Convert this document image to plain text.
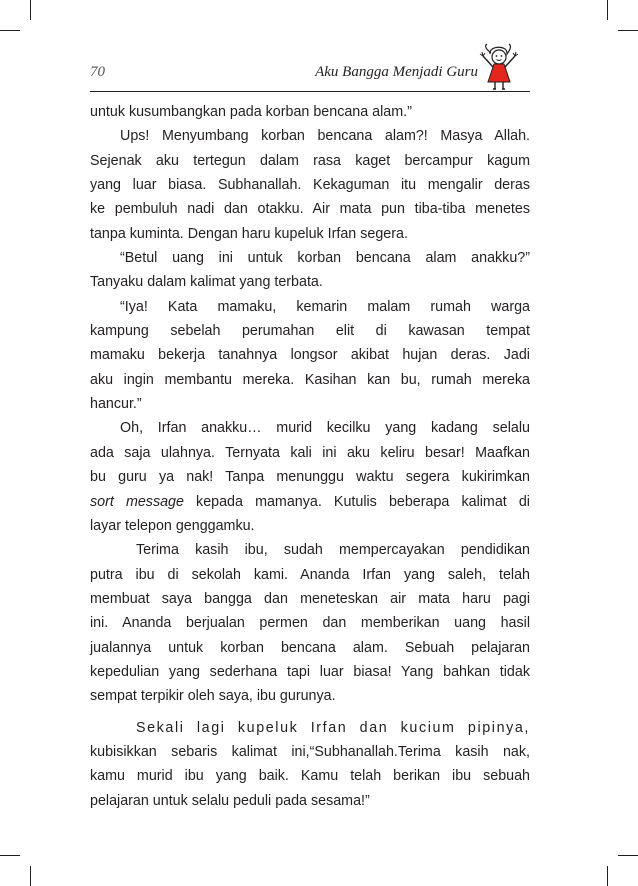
70	Aku Bangga Menjadi Guru
untuk kusumbangkan pada korban bencana alam.”
Ups! Menyumbang korban bencana alam?! Masya Allah.
Sejenak aku tertegun dalam rasa kaget bercampur kagum
yang luar biasa. Subhanallah. Kekaguman itu mengalir deras
ke pembuluh nadi dan otakku. Air mata pun tiba-tiba menetes
tanpa kuminta. Dengan haru kupeluk Irfan segera.
“Betul uang ini untuk korban bencana alam anakku?”
Tanyaku dalam kalimat yang terbata.
“Iya! Kata mamaku, kemarin malam rumah warga
kampung sebelah perumahan elit di kawasan tempat
mamaku bekerja tanahnya longsor akibat hujan deras. Jadi
aku ingin membantu mereka. Kasihan kan bu, rumah mereka
hancur.”
Oh, Irfan anakku… murid kecilku yang kadang selalu
ada saja ulahnya. Ternyata kali ini aku keliru besar! Maafkan
bu guru ya nak! Tanpa menunggu waktu segera kukirimkan
sort message kepada mamanya. Kutulis beberapa kalimat di
layar telepon genggamku.
Terima kasih ibu, sudah mempercayakan pendidikan
putra ibu di sekolah kami. Ananda Irfan yang saleh, telah
membuat saya bangga dan meneteskan air mata haru pagi
ini. Ananda berjualan permen dan memberikan uang hasil
jualannya untuk korban bencana alam. Sebuah pelajaran
kepedulian yang sederhana tapi luar biasa! Yang bahkan tidak
sempat terpikir oleh saya, ibu gurunya.
Sekali lagi kupeluk Irfan dan kucium pipinya,
kubisikkan sebaris kalimat ini,“Subhanallah.Terima kasih nak,
kamu murid ibu yang baik. Kamu telah berikan ibu sebuah
pelajaran untuk selalu peduli pada sesama!”
